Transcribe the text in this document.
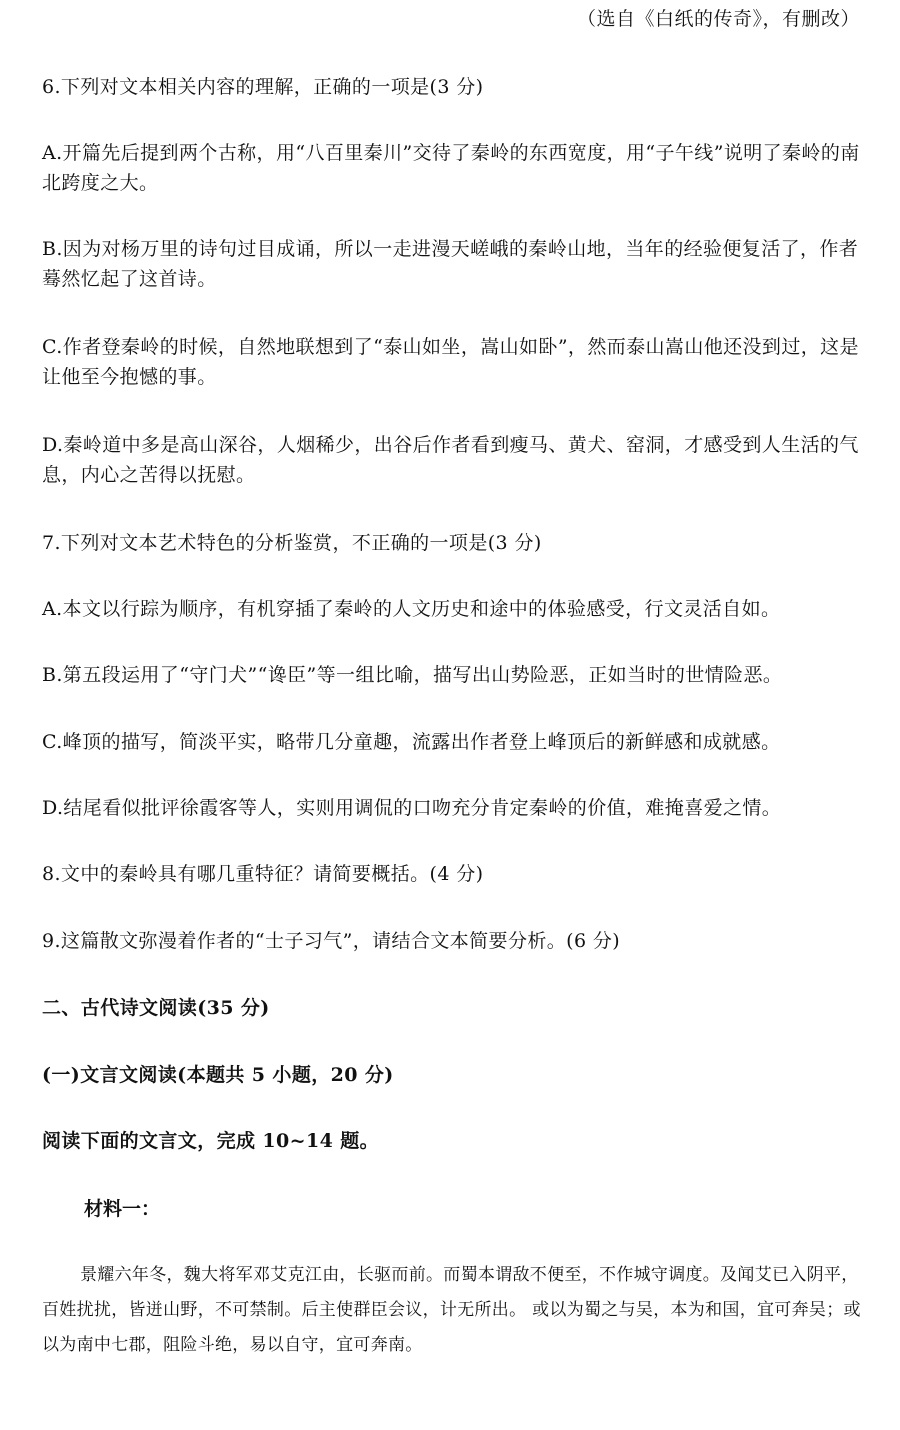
（选自《白纸的传奇》，有删改）
6.下列对文本相关内容的理解，正确的一项是(3 分)
A.开篇先后提到两个古称，用“八百里秦川”交待了秦岭的东西宽度，用“子午线”说明了秦岭的南北跨度之大。
B.因为对杨万里的诗句过目成诵，所以一走进漫天嵯峨的秦岭山地，当年的经验便复活了，作者蓦然忆起了这首诗。
C.作者登秦岭的时候，自然地联想到了“泰山如坐，嵩山如卧”，然而泰山嵩山他还没到过，这是让他至今抱憾的事。
D.秦岭道中多是高山深谷，人烟稀少，出谷后作者看到瘦马、黄犬、窑洞，才感受到人生活的气息，内心之苦得以抚慰。
7.下列对文本艺术特色的分析鉴赏，不正确的一项是(3 分)
A.本文以行踪为顺序，有机穿插了秦岭的人文历史和途中的体验感受，行文灵活自如。
B.第五段运用了“守门犬”“谗臣”等一组比喻，描写出山势险恶，正如当时的世情险恶。
C.峰顶的描写，简淡平实，略带几分童趣，流露出作者登上峰顶后的新鲜感和成就感。
D.结尾看似批评徐霞客等人，实则用调侃的口吻充分肯定秦岭的价值，难掩喜爱之情。
8.文中的秦岭具有哪几重特征？请简要概括。(4 分)
9.这篇散文弥漫着作者的“士子习气”，请结合文本简要分析。(6 分)
二、古代诗文阅读(35 分)
(一)文言文阅读(本题共 5 小题，20 分)
阅读下面的文言文，完成 10~14 题。
材料一：
景耀六年冬，魏大将军邓艾克江由，长驱而前。而蜀本谓敌不便至，不作城守调度。及闻艾已入阴平，百姓扰扰，皆迸山野，不可禁制。后主使群臣会议，计无所出。 或以为蜀之与吴，本为和国，宜可奔吴；或以为南中七郡，阻险斗绝，易以自守，宜可奔南。
